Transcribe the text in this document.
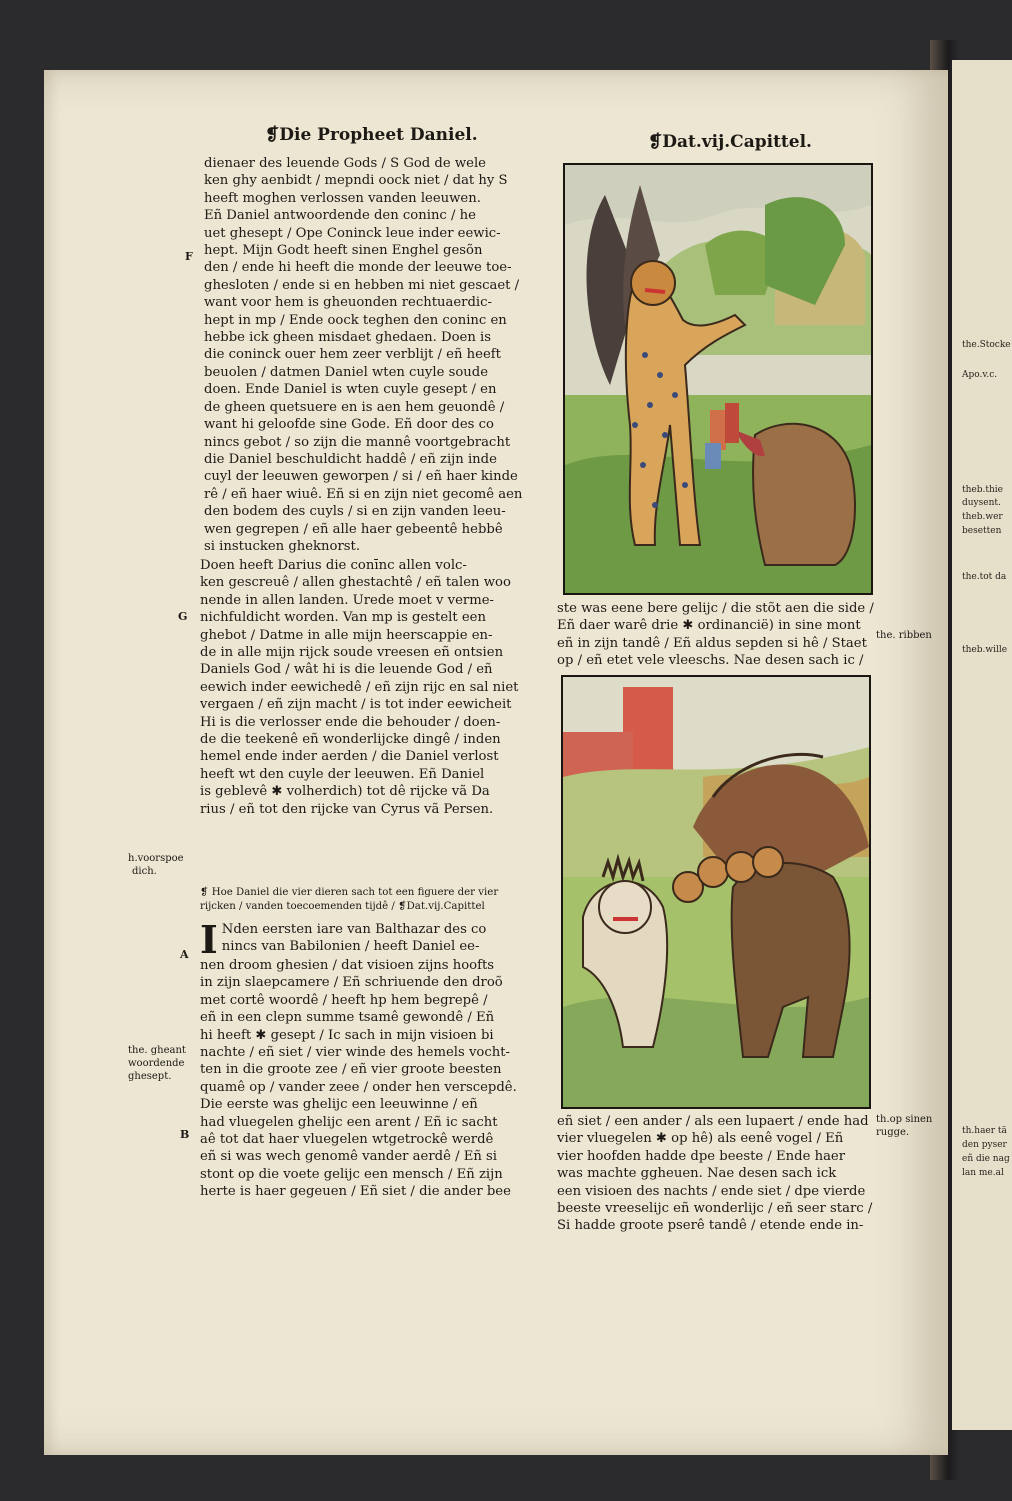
the.Stocke
Apo.v.c.
theb.thie
duysent.
theb.wer
besetten
the.tot da
theb.wille
th.haer tä
den pyser
eñ die nag
lan me.al
❡Die Propheet Daniel.	❡Dat.vij.Capittel.
dienaer des leuende Gods / S God de wele
ken ghy aenbidt / mepndi oock niet / dat hy S
heeft moghen verlossen vanden leeuwen.
Eñ Daniel antwoordende den coninc / he
uet ghesept / Ope Coninck leue inder eewic-
hept. Mijn Godt heeft sinen Enghel gesõn
den / ende hi heeft die monde der leeuwe toe-
ghesloten / ende si en hebben mi niet gescaet /
want voor hem is gheuonden rechtuaerdic-
hept in mp / Ende oock teghen den coninc en
hebbe ick gheen misdaet ghedaen. Doen is
die coninck ouer hem zeer verblijt / eñ heeft
beuolen / datmen Daniel wten cuyle soude
doen. Ende Daniel is wten cuyle gesept / en
de gheen quetsuere en is aen hem geuondê /
want hi geloofde sine Gode. Eñ door des co
nincs gebot / so zijn die mannê voortgebracht
die Daniel beschuldicht haddê / eñ zijn inde
cuyl der leeuwen geworpen / si / eñ haer kinde
rê / eñ haer wiuê. Eñ si en zijn niet gecomê aen
den bodem des cuyls / si en zijn vanden leeu-
wen gegrepen / eñ alle haer gebeentê hebbê
si instucken gheknorst.
Doen heeft Darius die conīnc allen volc-
ken gescreuê / allen ghestachtê / eñ talen woo
nende in allen landen. Urede moet v verme-
nichfuldicht worden. Van mp is gestelt een
ghebot / Datme in alle mijn heerscappie en-
de in alle mijn rijck soude vreesen eñ ontsien
Daniels God / wât hi is die leuende God / eñ
eewich inder eewichedê / eñ zijn rijc en sal niet
vergaen / eñ zijn macht / is tot inder eewicheit
Hi is die verlosser ende die behouder / doen-
de die teekenê eñ wonderlijcke dingê / inden
hemel ende inder aerden / die Daniel verlost
heeft wt den cuyle der leeuwen. Eñ Daniel
is geblevê ✱ volherdich) tot dê rijcke vã Da
rius / eñ tot den rijcke van Cyrus vã Persen.
❡ Hoe Daniel die vier dieren sach tot een figuere der vier
rijcken / vanden toecoemenden tijdê / ❡Dat.vij.Capittel
I Nden eersten iare van Balthazar des co
nincs van Babilonien / heeft Daniel ee-
nen droom ghesien / dat visioen zijns hoofts
in zijn slaepcamere / Eñ schriuende den droõ
met cortê woordê / heeft hp hem begrepê /
eñ in een clepn summe tsamê gewondê / Eñ
hi heeft ✱ gesept / Ic sach in mijn visioen bi
nachte / eñ siet / vier winde des hemels vocht-
ten in die groote zee / eñ vier groote beesten
quamê op / vander zeee / onder hen verscepdê.
Die eerste was ghelijc een leeuwinne / eñ
had vluegelen ghelijc een arent / Eñ ic sacht
aê tot dat haer vluegelen wtgetrockê werdê
eñ si was wech genomê vander aerdê / Eñ si
stont op die voete gelijc een mensch / Eñ zijn
herte is haer gegeuen / Eñ siet / die ander bee
F
G
A
B
h.voorspoe
dich.
the. gheant
woordende
ghesept.
the. ribben
th.op sinen
rugge.
ste was eene bere gelijc / die stõt aen die side /
Eñ daer warê drie ✱ ordinancië) in sine mont
eñ in zijn tandê / Eñ aldus sepden si hê / Staet
op / eñ etet vele vleeschs. Nae desen sach ic /
eñ siet / een ander / als een lupaert / ende had
vier vluegelen ✱ op hê) als eenê vogel / Eñ
vier hoofden hadde dpe beeste / Ende haer
was machte ggheuen. Nae desen sach ick
een visioen des nachts / ende siet / dpe vierde
beeste vreeselijc eñ wonderlijc / eñ seer starc /
Si hadde groote pserê tandê / etende ende in-
